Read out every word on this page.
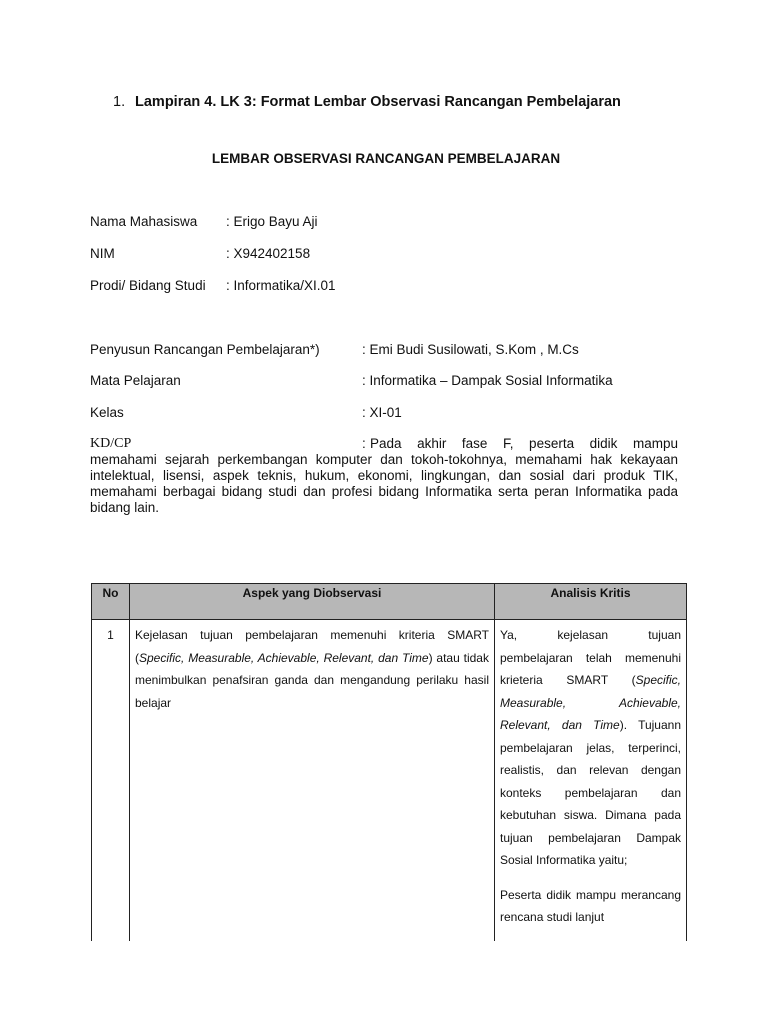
1. Lampiran 4. LK 3: Format Lembar Observasi Rancangan Pembelajaran
LEMBAR OBSERVASI RANCANGAN PEMBELAJARAN
Nama Mahasiswa : Erigo Bayu Aji
NIM	: X942402158
Prodi/ Bidang Studi : Informatika/XI.01
Penyusun Rancangan Pembelajaran*)	: Emi Budi Susilowati, S.Kom , M.Cs
Mata Pelajaran	: Informatika – Dampak Sosial Informatika
Kelas	: XI-01
KD/CP	: Pada akhir fase F, peserta didik mampu
memahami sejarah perkembangan komputer dan tokoh-tokohnya, memahami hak kekayaan intelektual, lisensi, aspek teknis, hukum, ekonomi, lingkungan, dan sosial dari produk TIK, memahami berbagai bidang studi dan profesi bidang Informatika serta peran Informatika pada bidang lain.
No	Aspek yang Diobservasi	Analisis Kritis
1	Kejelasan tujuan pembelajaran memenuhi kriteria SMART (Specific, Measurable, Achievable, Relevant, dan Time) atau tidak menimbulkan penafsiran ganda dan mengandung perilaku hasil belajar	Ya, kejelasan tujuan pembelajaran telah memenuhi krieteria SMART (Specific, Measurable, Achievable, Relevant, dan Time). Tujuann pembelajaran jelas, terperinci, realistis, dan relevan dengan konteks pembelajaran dan kebutuhan siswa. Dimana pada tujuan pembelajaran Dampak Sosial Informatika yaitu;

Peserta didik mampu merancang rencana studi lanjut
